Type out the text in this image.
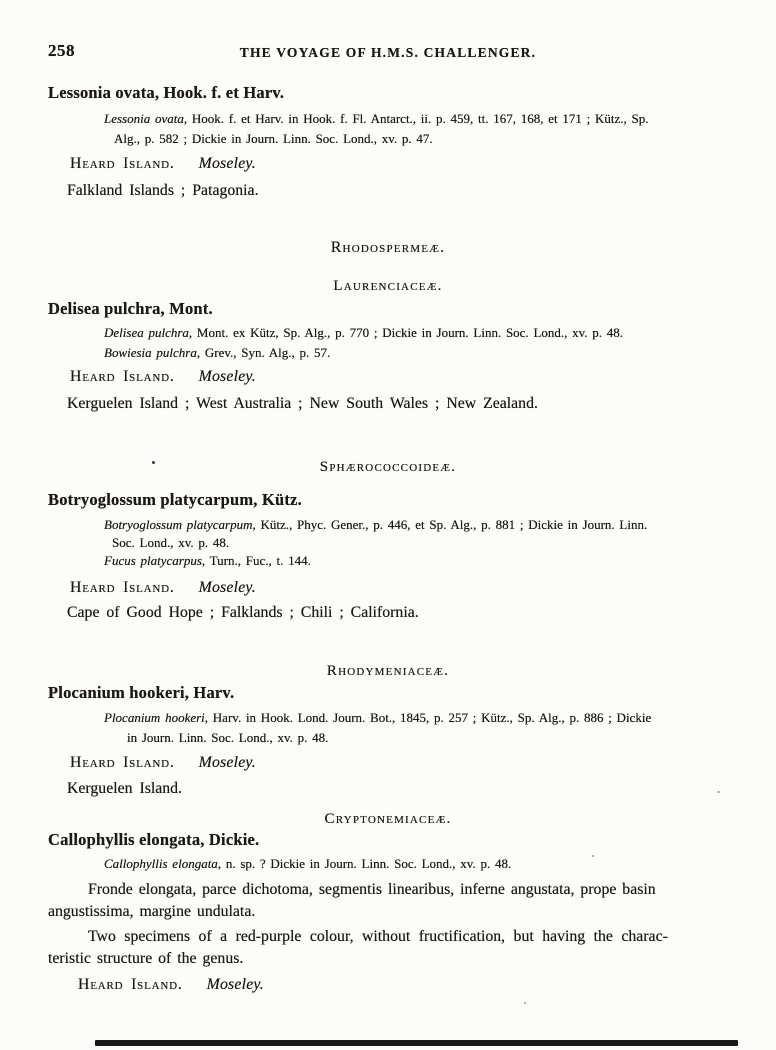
258	THE VOYAGE OF H.M.S. CHALLENGER.
Lessonia ovata, Hook. f. et Harv.
Lessonia ovata, Hook. f. et Harv. in Hook. f. Fl. Antarct., ii. p. 459, tt. 167, 168, et 171 ; Kütz., Sp.
Alg., p. 582 ; Dickie in Journ. Linn. Soc. Lond., xv. p. 47.
Heard Island. Moseley.
Falkland Islands ; Patagonia.
Rhodospermeæ.
Laurenciaceæ.
Delisea pulchra, Mont.
Delisea pulchra, Mont. ex Kütz, Sp. Alg., p. 770 ; Dickie in Journ. Linn. Soc. Lond., xv. p. 48.
Bowiesia pulchra, Grev., Syn. Alg., p. 57.
Heard Island. Moseley.
Kerguelen Island ; West Australia ; New South Wales ; New Zealand.
Sphærococcoideæ.
Botryoglossum platycarpum, Kütz.
Botryoglossum platycarpum, Kütz., Phyc. Gener., p. 446, et Sp. Alg., p. 881 ; Dickie in Journ. Linn.
Soc. Lond., xv. p. 48.
Fucus platycarpus, Turn., Fuc., t. 144.
Heard Island. Moseley.
Cape of Good Hope ; Falklands ; Chili ; California.
Rhodymeniaceæ.
Plocanium hookeri, Harv.
Plocanium hookeri, Harv. in Hook. Lond. Journ. Bot., 1845, p. 257 ; Kütz., Sp. Alg., p. 886 ; Dickie
in Journ. Linn. Soc. Lond., xv. p. 48.
Heard Island. Moseley.
Kerguelen Island.
Cryptonemiaceæ.
Callophyllis elongata, Dickie.
Callophyllis elongata, n. sp. ? Dickie in Journ. Linn. Soc. Lond., xv. p. 48.
Fronde elongata, parce dichotoma, segmentis linearibus, inferne angustata, prope basin
angustissima, margine undulata.
Two specimens of a red-purple colour, without fructification, but having the charac-
teristic structure of the genus.
Heard Island. Moseley.
